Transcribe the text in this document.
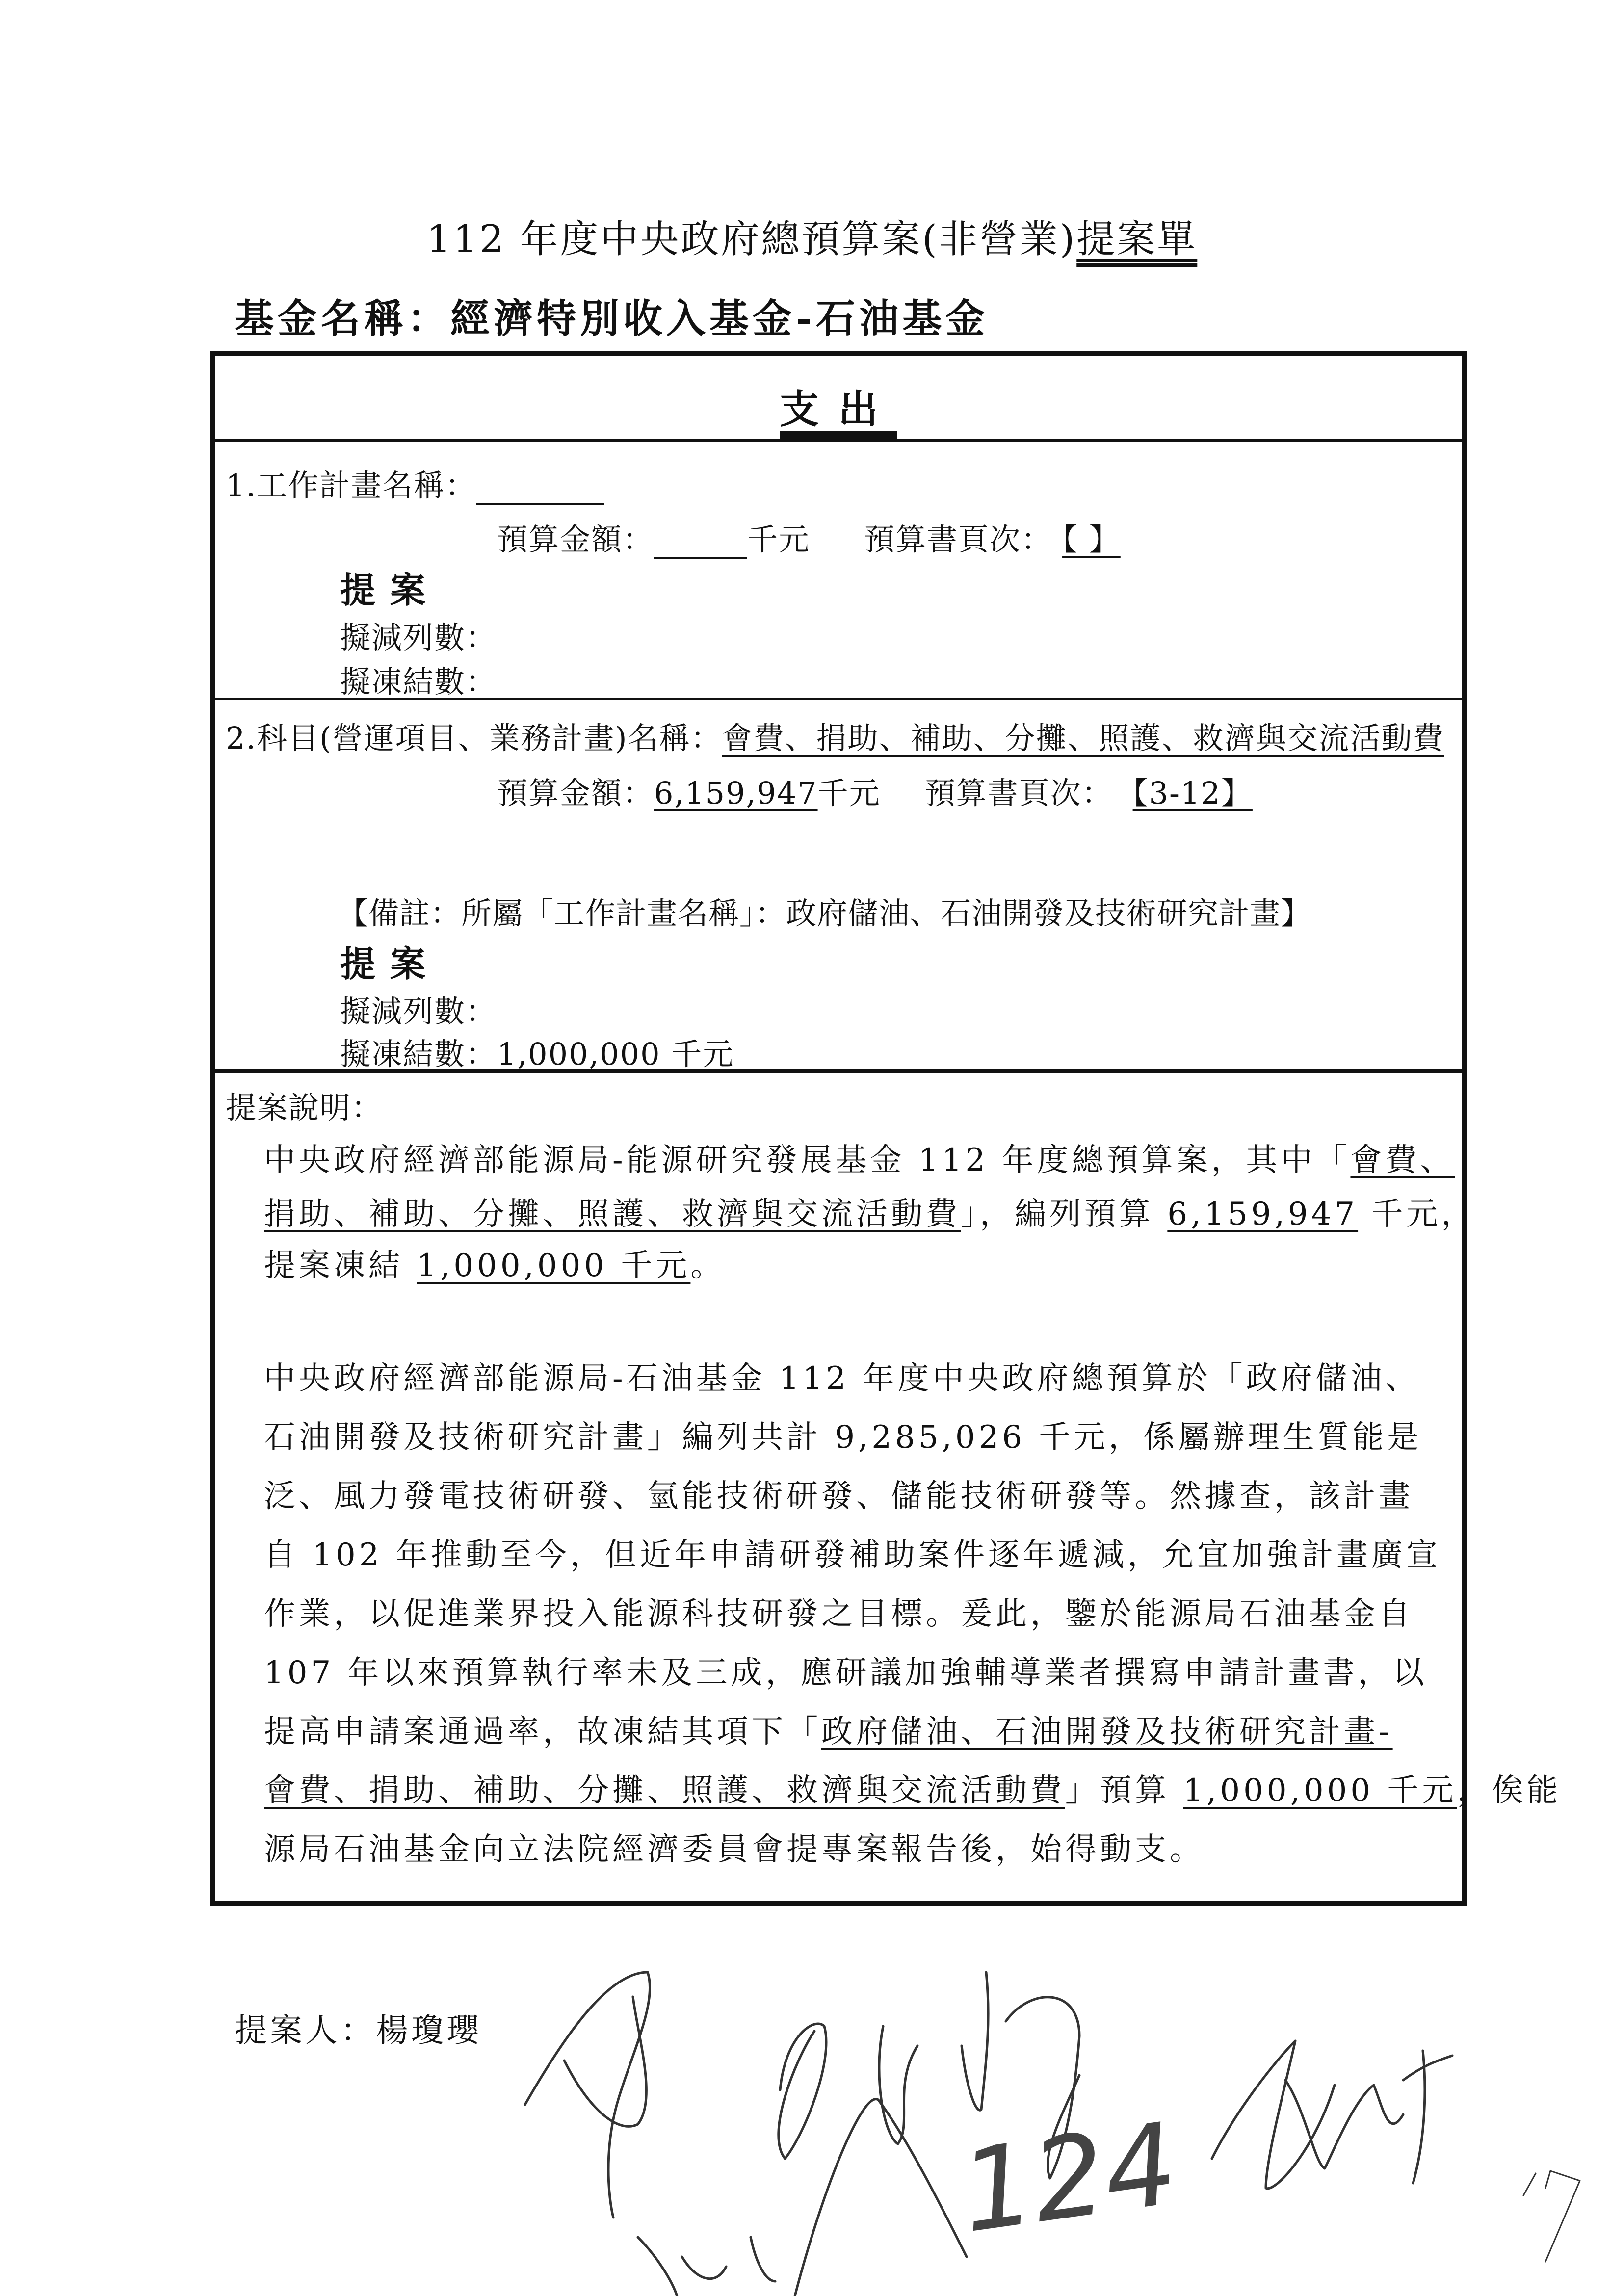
112 年度中央政府總預算案(非營業)提案單
基金名稱：經濟特別收入基金-石油基金
支出
1.工作計畫名稱：
預算金額：	千元 預算書頁次： 【 】
提案
擬減列數：
擬凍結數：
2.科目(營運項目、業務計畫)名稱：會費、捐助、補助、分攤、照護、救濟與交流活動費
預算金額：6,159,947千元 預算書頁次： 【3-12】
【備註：所屬「工作計畫名稱」：政府儲油、石油開發及技術研究計畫】
提案
擬減列數：
擬凍結數：1,000,000 千元
提案說明：
中央政府經濟部能源局-能源研究發展基金 112 年度總預算案，其中「會費、
捐助、補助、分攤、照護、救濟與交流活動費」，編列預算 6,159,947 千元，
提案凍結 1,000,000 千元。
中央政府經濟部能源局-石油基金 112 年度中央政府總預算於「政府儲油、
石油開發及技術研究計畫」編列共計 9,285,026 千元，係屬辦理生質能是
泛、風力發電技術研發、氫能技術研發、儲能技術研發等。然據查，該計畫
自 102 年推動至今，但近年申請研發補助案件逐年遞減，允宜加強計畫廣宣
作業，以促進業界投入能源科技研發之目標。爰此，鑒於能源局石油基金自
107 年以來預算執行率未及三成，應研議加強輔導業者撰寫申請計畫書，以
提高申請案通過率，故凍結其項下「政府儲油、石油開發及技術研究計畫-
會費、捐助、補助、分攤、照護、救濟與交流活動費」預算 1,000,000 千元，俟能
源局石油基金向立法院經濟委員會提專案報告後，始得動支。
提案人：楊瓊瓔
124
